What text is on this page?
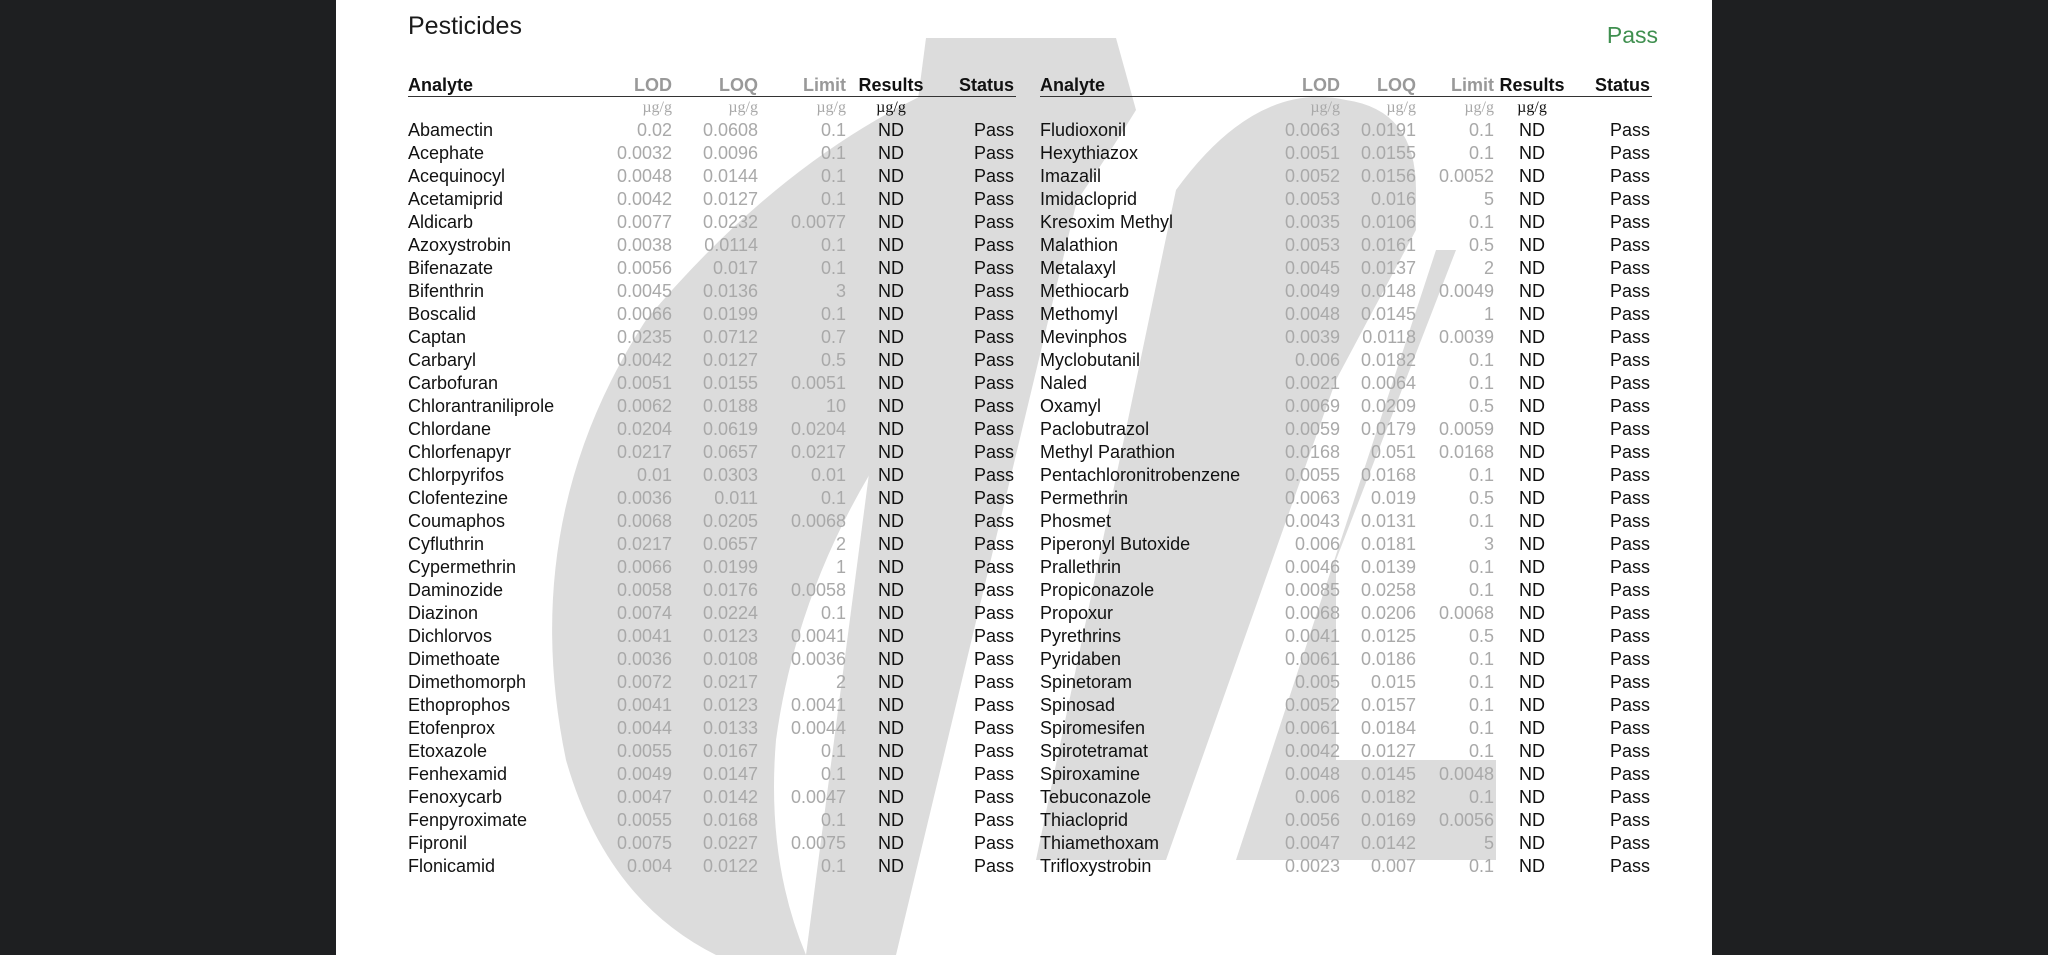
Pesticides	Pass
Analyte	LOD	LOQ	Limit	Results	Status
	µg/g	µg/g	µg/g	µg/g	
Abamectin	0.02	0.0608	0.1	ND	Pass
Acephate	0.0032	0.0096	0.1	ND	Pass
Acequinocyl	0.0048	0.0144	0.1	ND	Pass
Acetamiprid	0.0042	0.0127	0.1	ND	Pass
Aldicarb	0.0077	0.0232	0.0077	ND	Pass
Azoxystrobin	0.0038	0.0114	0.1	ND	Pass
Bifenazate	0.0056	0.017	0.1	ND	Pass
Bifenthrin	0.0045	0.0136	3	ND	Pass
Boscalid	0.0066	0.0199	0.1	ND	Pass
Captan	0.0235	0.0712	0.7	ND	Pass
Carbaryl	0.0042	0.0127	0.5	ND	Pass
Carbofuran	0.0051	0.0155	0.0051	ND	Pass
Chlorantraniliprole	0.0062	0.0188	10	ND	Pass
Chlordane	0.0204	0.0619	0.0204	ND	Pass
Chlorfenapyr	0.0217	0.0657	0.0217	ND	Pass
Chlorpyrifos	0.01	0.0303	0.01	ND	Pass
Clofentezine	0.0036	0.011	0.1	ND	Pass
Coumaphos	0.0068	0.0205	0.0068	ND	Pass
Cyfluthrin	0.0217	0.0657	2	ND	Pass
Cypermethrin	0.0066	0.0199	1	ND	Pass
Daminozide	0.0058	0.0176	0.0058	ND	Pass
Diazinon	0.0074	0.0224	0.1	ND	Pass
Dichlorvos	0.0041	0.0123	0.0041	ND	Pass
Dimethoate	0.0036	0.0108	0.0036	ND	Pass
Dimethomorph	0.0072	0.0217	2	ND	Pass
Ethoprophos	0.0041	0.0123	0.0041	ND	Pass
Etofenprox	0.0044	0.0133	0.0044	ND	Pass
Etoxazole	0.0055	0.0167	0.1	ND	Pass
Fenhexamid	0.0049	0.0147	0.1	ND	Pass
Fenoxycarb	0.0047	0.0142	0.0047	ND	Pass
Fenpyroximate	0.0055	0.0168	0.1	ND	Pass
Fipronil	0.0075	0.0227	0.0075	ND	Pass
Flonicamid	0.004	0.0122	0.1	ND	Pass
Analyte	LOD	LOQ	Limit	Results	Status
	µg/g	µg/g	µg/g	µg/g	
Fludioxonil	0.0063	0.0191	0.1	ND	Pass
Hexythiazox	0.0051	0.0155	0.1	ND	Pass
Imazalil	0.0052	0.0156	0.0052	ND	Pass
Imidacloprid	0.0053	0.016	5	ND	Pass
Kresoxim Methyl	0.0035	0.0106	0.1	ND	Pass
Malathion	0.0053	0.0161	0.5	ND	Pass
Metalaxyl	0.0045	0.0137	2	ND	Pass
Methiocarb	0.0049	0.0148	0.0049	ND	Pass
Methomyl	0.0048	0.0145	1	ND	Pass
Mevinphos	0.0039	0.0118	0.0039	ND	Pass
Myclobutanil	0.006	0.0182	0.1	ND	Pass
Naled	0.0021	0.0064	0.1	ND	Pass
Oxamyl	0.0069	0.0209	0.5	ND	Pass
Paclobutrazol	0.0059	0.0179	0.0059	ND	Pass
Methyl Parathion	0.0168	0.051	0.0168	ND	Pass
Pentachloronitrobenzene	0.0055	0.0168	0.1	ND	Pass
Permethrin	0.0063	0.019	0.5	ND	Pass
Phosmet	0.0043	0.0131	0.1	ND	Pass
Piperonyl Butoxide	0.006	0.0181	3	ND	Pass
Prallethrin	0.0046	0.0139	0.1	ND	Pass
Propiconazole	0.0085	0.0258	0.1	ND	Pass
Propoxur	0.0068	0.0206	0.0068	ND	Pass
Pyrethrins	0.0041	0.0125	0.5	ND	Pass
Pyridaben	0.0061	0.0186	0.1	ND	Pass
Spinetoram	0.005	0.015	0.1	ND	Pass
Spinosad	0.0052	0.0157	0.1	ND	Pass
Spiromesifen	0.0061	0.0184	0.1	ND	Pass
Spirotetramat	0.0042	0.0127	0.1	ND	Pass
Spiroxamine	0.0048	0.0145	0.0048	ND	Pass
Tebuconazole	0.006	0.0182	0.1	ND	Pass
Thiacloprid	0.0056	0.0169	0.0056	ND	Pass
Thiamethoxam	0.0047	0.0142	5	ND	Pass
Trifloxystrobin	0.0023	0.007	0.1	ND	Pass
